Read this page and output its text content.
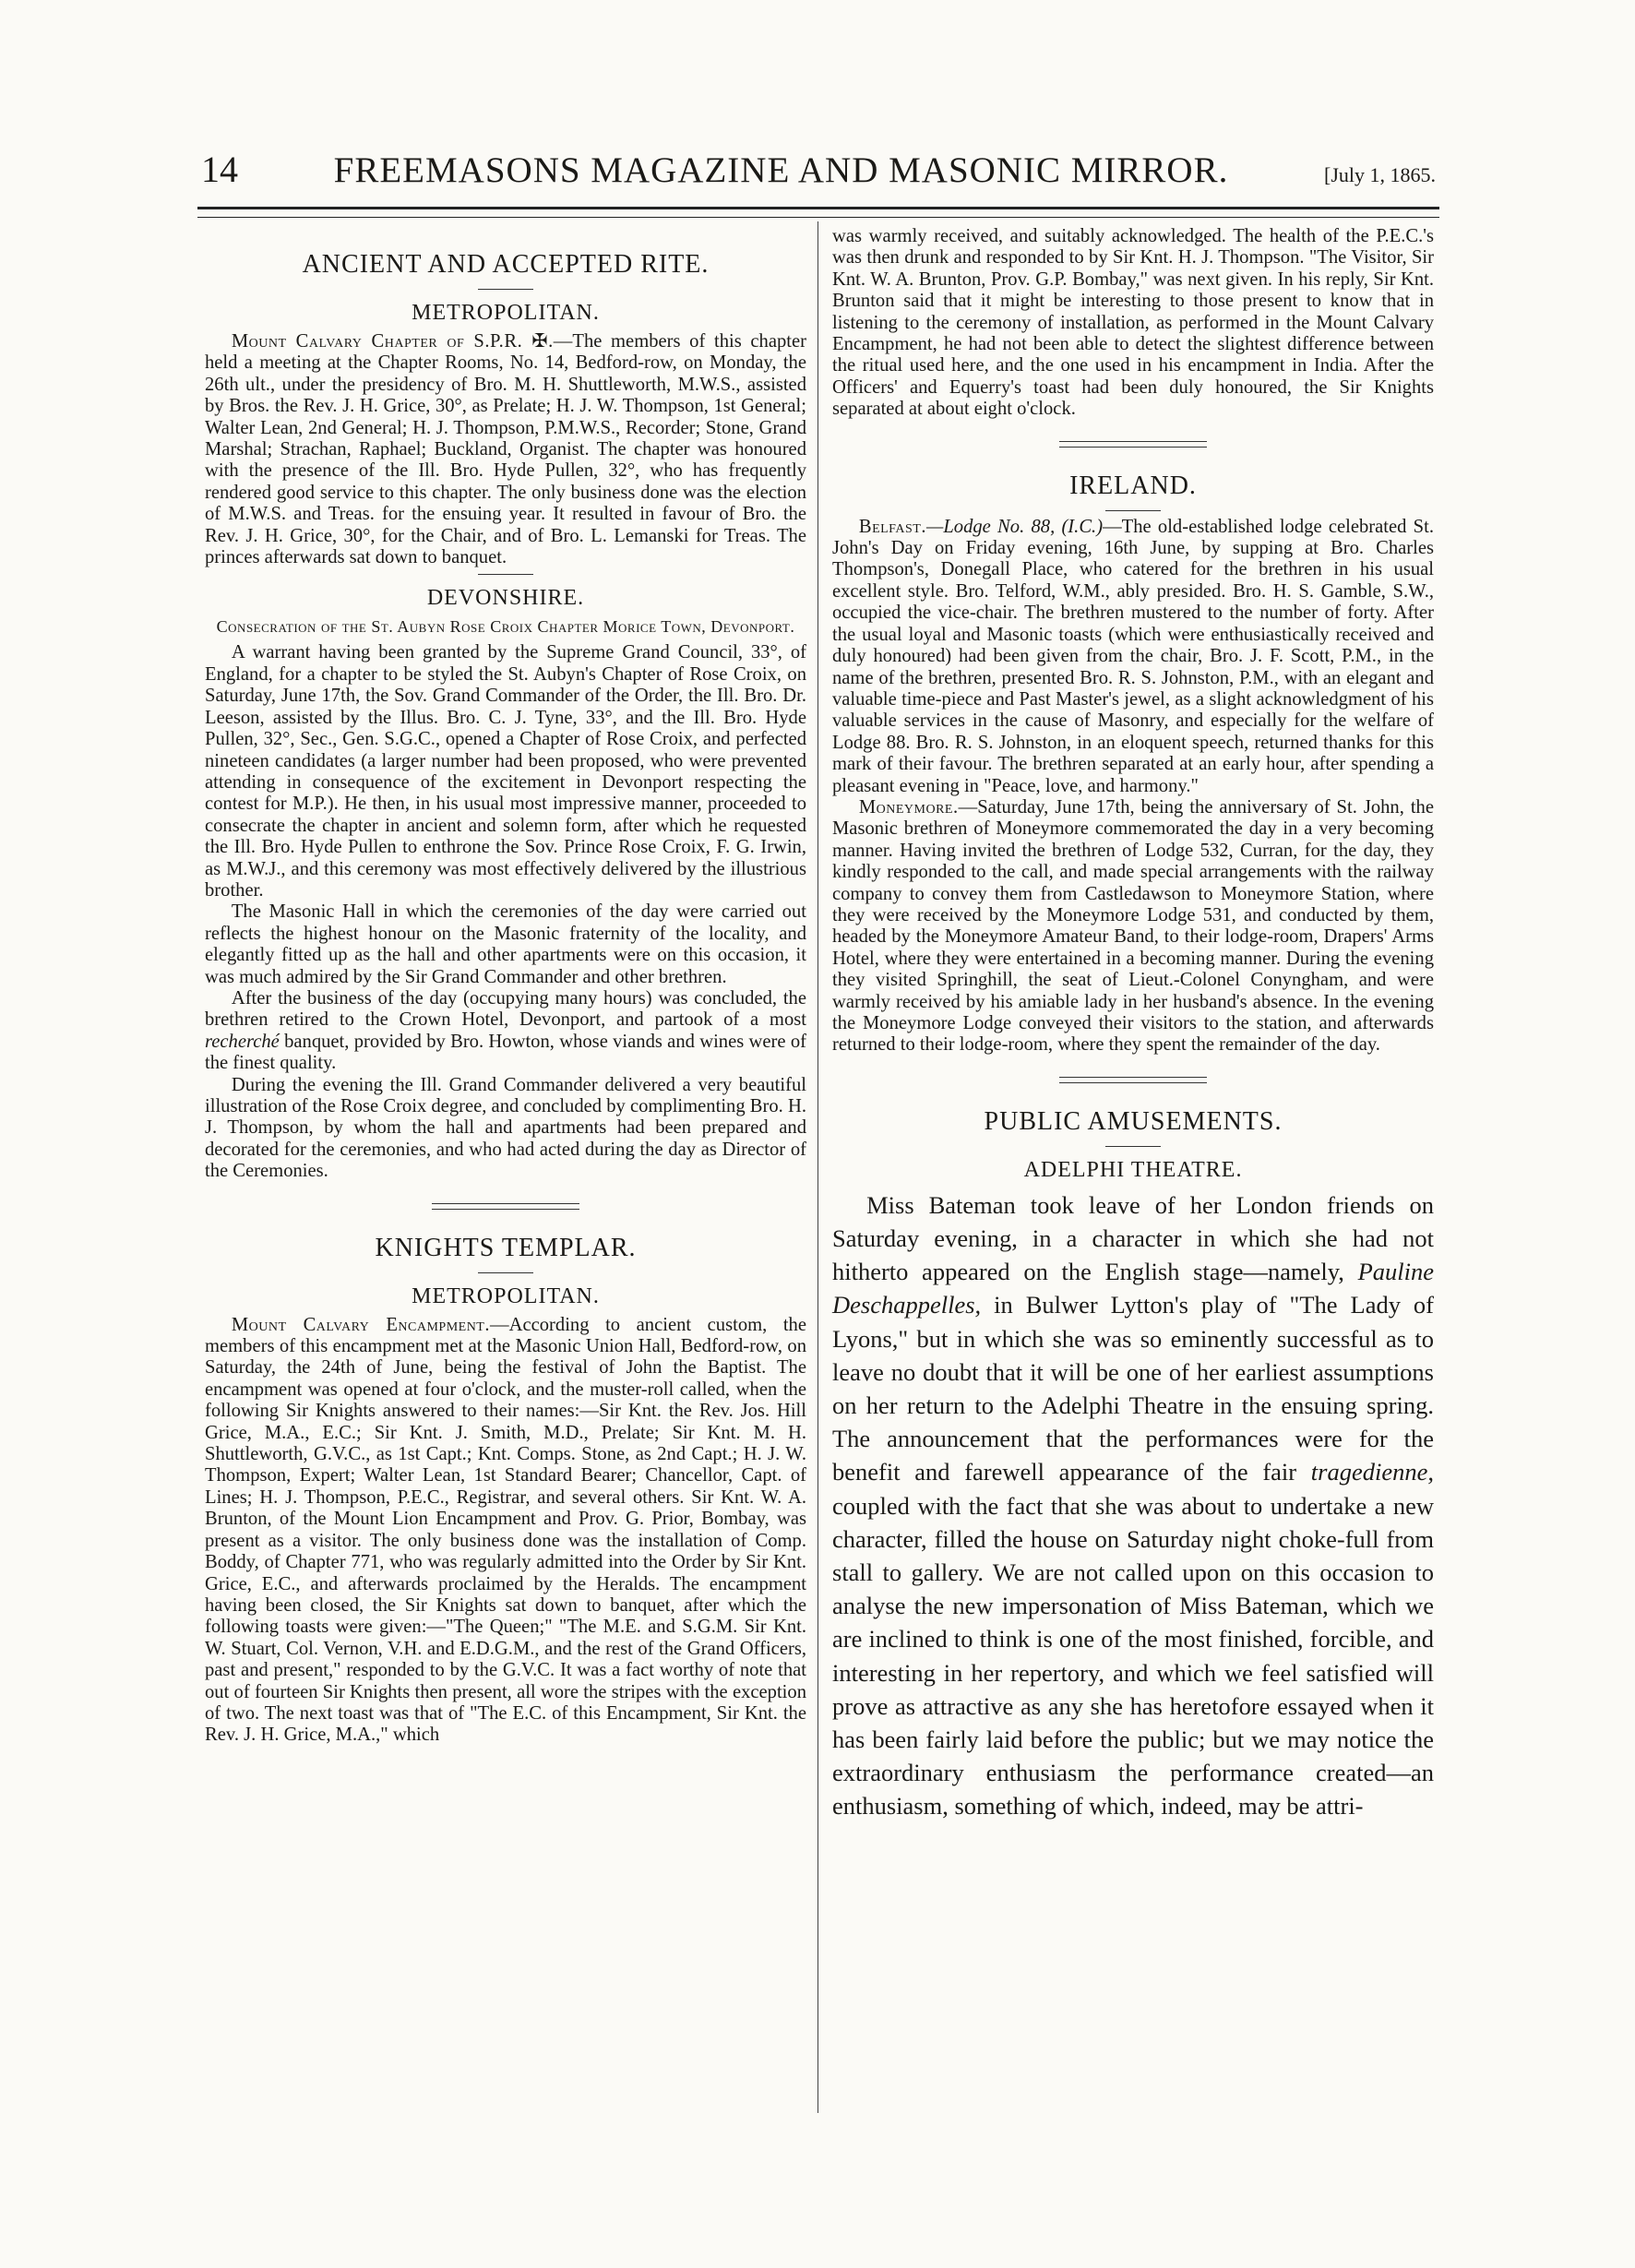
14	FREEMASONS MAGAZINE AND MASONIC MIRROR.	[July 1, 1865.
ANCIENT AND ACCEPTED RITE.
METROPOLITAN.

Mount Calvary Chapter of S.P.R. ✠.—The members of this chapter held a meeting at the Chapter Rooms, No. 14, Bedford-row, on Monday, the 26th ult., under the presidency of Bro. M. H. Shuttleworth, M.W.S., assisted by Bros. the Rev. J. H. Grice, 30°, as Prelate; H. J. W. Thompson, 1st General; Walter Lean, 2nd General; H. J. Thompson, P.M.W.S., Recorder; Stone, Grand Marshal; Strachan, Raphael; Buckland, Organist. The chapter was honoured with the presence of the Ill. Bro. Hyde Pullen, 32°, who has frequently rendered good service to this chapter. The only business done was the election of M.W.S. and Treas. for the ensuing year. It resulted in favour of Bro. the Rev. J. H. Grice, 30°, for the Chair, and of Bro. L. Lemanski for Treas. The princes afterwards sat down to banquet.

DEVONSHIRE.
Consecration of the St. Aubyn Rose Croix Chapter Morice Town, Devonport.

A warrant having been granted by the Supreme Grand Council, 33°, of England, for a chapter to be styled the St. Aubyn's Chapter of Rose Croix, on Saturday, June 17th, the Sov. Grand Commander of the Order, the Ill. Bro. Dr. Leeson, assisted by the Illus. Bro. C. J. Tyne, 33°, and the Ill. Bro. Hyde Pullen, 32°, Sec., Gen. S.G.C., opened a Chapter of Rose Croix, and perfected nineteen candidates (a larger number had been proposed, who were prevented attending in consequence of the excitement in Devonport respecting the contest for M.P.). He then, in his usual most impressive manner, proceeded to consecrate the chapter in ancient and solemn form, after which he requested the Ill. Bro. Hyde Pullen to enthrone the Sov. Prince Rose Croix, F. G. Irwin, as M.W.J., and this ceremony was most effectively delivered by the illustrious brother.

The Masonic Hall in which the ceremonies of the day were carried out reflects the highest honour on the Masonic fraternity of the locality, and elegantly fitted up as the hall and other apartments were on this occasion, it was much admired by the Sir Grand Commander and other brethren.

After the business of the day (occupying many hours) was concluded, the brethren retired to the Crown Hotel, Devonport, and partook of a most recherché banquet, provided by Bro. Howton, whose viands and wines were of the finest quality.

During the evening the Ill. Grand Commander delivered a very beautiful illustration of the Rose Croix degree, and concluded by complimenting Bro. H. J. Thompson, by whom the hall and apartments had been prepared and decorated for the ceremonies, and who had acted during the day as Director of the Ceremonies.

KNIGHTS TEMPLAR.
METROPOLITAN.

Mount Calvary Encampment.—According to ancient custom, the members of this encampment met at the Masonic Union Hall, Bedford-row, on Saturday, the 24th of June, being the festival of John the Baptist. The encampment was opened at four o'clock, and the muster-roll called, when the following Sir Knights answered to their names:—Sir Knt. the Rev. Jos. Hill Grice, M.A., E.C.; Sir Knt. J. Smith, M.D., Prelate; Sir Knt. M. H. Shuttleworth, G.V.C., as 1st Capt.; Knt. Comps. Stone, as 2nd Capt.; H. J. W. Thompson, Expert; Walter Lean, 1st Standard Bearer; Chancellor, Capt. of Lines; H. J. Thompson, P.E.C., Registrar, and several others. Sir Knt. W. A. Brunton, of the Mount Lion Encampment and Prov. G. Prior, Bombay, was present as a visitor. The only business done was the installation of Comp. Boddy, of Chapter 771, who was regularly admitted into the Order by Sir Knt. Grice, E.C., and afterwards proclaimed by the Heralds. The encampment having been closed, the Sir Knights sat down to banquet, after which the following toasts were given:—"The Queen;" "The M.E. and S.G.M. Sir Knt. W. Stuart, Col. Vernon, V.H. and E.D.G.M., and the rest of the Grand Officers, past and present," responded to by the G.V.C. It was a fact worthy of note that out of fourteen Sir Knights then present, all wore the stripes with the exception of two. The next toast was that of "The E.C. of this Encampment, Sir Knt. the Rev. J. H. Grice, M.A.," which

was warmly received, and suitably acknowledged. The health of the P.E.C.'s was then drunk and responded to by Sir Knt. H. J. Thompson. "The Visitor, Sir Knt. W. A. Brunton, Prov. G.P. Bombay," was next given. In his reply, Sir Knt. Brunton said that it might be interesting to those present to know that in listening to the ceremony of installation, as performed in the Mount Calvary Encampment, he had not been able to detect the slightest difference between the ritual used here, and the one used in his encampment in India. After the Officers' and Equerry's toast had been duly honoured, the Sir Knights separated at about eight o'clock.

IRELAND.

Belfast.—Lodge No. 88, (I.C.)—The old-established lodge celebrated St. John's Day on Friday evening, 16th June, by supping at Bro. Charles Thompson's, Donegall Place, who catered for the brethren in his usual excellent style. Bro. Telford, W.M., ably presided. Bro. H. S. Gamble, S.W., occupied the vice-chair. The brethren mustered to the number of forty. After the usual loyal and Masonic toasts (which were enthusiastically received and duly honoured) had been given from the chair, Bro. J. F. Scott, P.M., in the name of the brethren, presented Bro. R. S. Johnston, P.M., with an elegant and valuable time-piece and Past Master's jewel, as a slight acknowledgment of his valuable services in the cause of Masonry, and especially for the welfare of Lodge 88. Bro. R. S. Johnston, in an eloquent speech, returned thanks for this mark of their favour. The brethren separated at an early hour, after spending a pleasant evening in "Peace, love, and harmony."

Moneymore.—Saturday, June 17th, being the anniversary of St. John, the Masonic brethren of Moneymore commemorated the day in a very becoming manner. Having invited the brethren of Lodge 532, Curran, for the day, they kindly responded to the call, and made special arrangements with the railway company to convey them from Castledawson to Moneymore Station, where they were received by the Moneymore Lodge 531, and conducted by them, headed by the Moneymore Amateur Band, to their lodge-room, Drapers' Arms Hotel, where they were entertained in a becoming manner. During the evening they visited Springhill, the seat of Lieut.-Colonel Conyngham, and were warmly received by his amiable lady in her husband's absence. In the evening the Moneymore Lodge conveyed their visitors to the station, and afterwards returned to their lodge-room, where they spent the remainder of the day.

PUBLIC AMUSEMENTS.
ADELPHI THEATRE.

Miss Bateman took leave of her London friends on Saturday evening, in a character in which she had not hitherto appeared on the English stage—namely, Pauline Deschappelles, in Bulwer Lytton's play of "The Lady of Lyons," but in which she was so eminently successful as to leave no doubt that it will be one of her earliest assumptions on her return to the Adelphi Theatre in the ensuing spring. The announcement that the performances were for the benefit and farewell appearance of the fair tragedienne, coupled with the fact that she was about to undertake a new character, filled the house on Saturday night choke-full from stall to gallery. We are not called upon on this occasion to analyse the new impersonation of Miss Bateman, which we are inclined to think is one of the most finished, forcible, and interesting in her repertory, and which we feel satisfied will prove as attractive as any she has heretofore essayed when it has been fairly laid before the public; but we may notice the extraordinary enthusiasm the performance created—an enthusiasm, something of which, indeed, may be attri-
